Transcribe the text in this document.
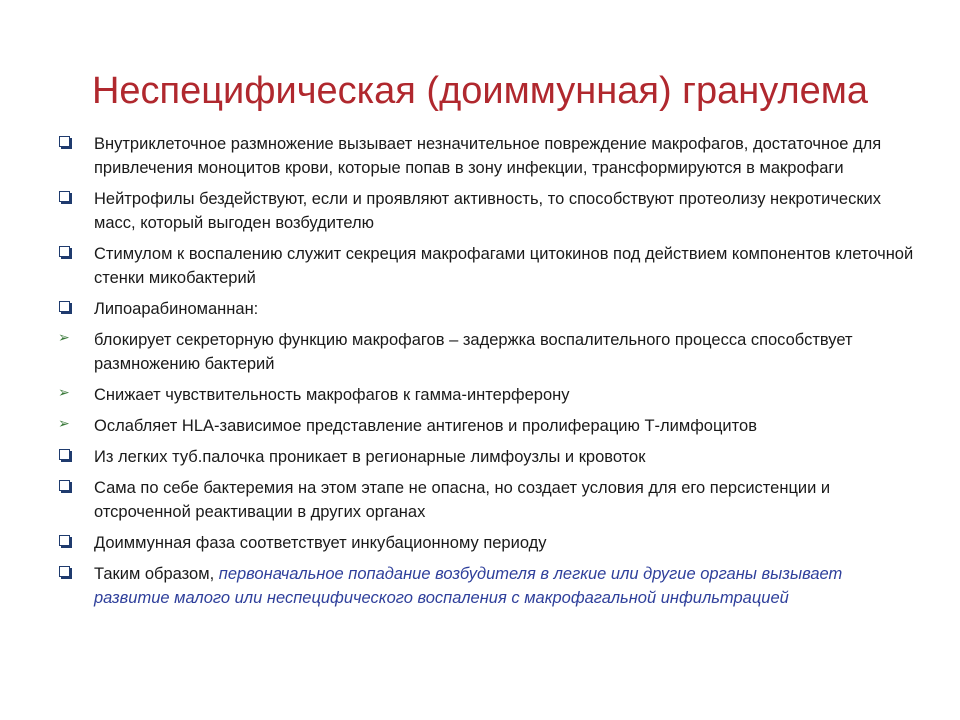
Неспецифическая (доиммунная) гранулема
Внутриклеточное размножение вызывает незначительное повреждение макрофагов, достаточное для привлечения моноцитов крови, которые попав в зону инфекции, трансформируются в макрофаги
Нейтрофилы бездействуют, если и проявляют активность, то способствуют протеолизу некротических масс, который выгоден возбудителю
Стимулом к воспалению служит секреция макрофагами цитокинов под действием компонентов клеточной стенки микобактерий
Липоарабиноманнан:
➢ блокирует секреторную функцию макрофагов – задержка воспалительного процесса способствует размножению бактерий
➢ Снижает чувствительность макрофагов к гамма-интерферону
➢ Ослабляет HLA-зависимое представление антигенов и пролиферацию Т-лимфоцитов
Из легких туб.палочка проникает в регионарные лимфоузлы и кровоток
Сама по себе бактеремия на этом этапе не опасна, но создает условия для его персистенции и отсроченной реактивации в других органах
Доиммунная фаза соответствует инкубационному периоду
Таким образом, первоначальное попадание возбудителя в легкие или другие органы вызывает развитие малого или неспецифического воспаления с макрофагальной инфильтрацией
